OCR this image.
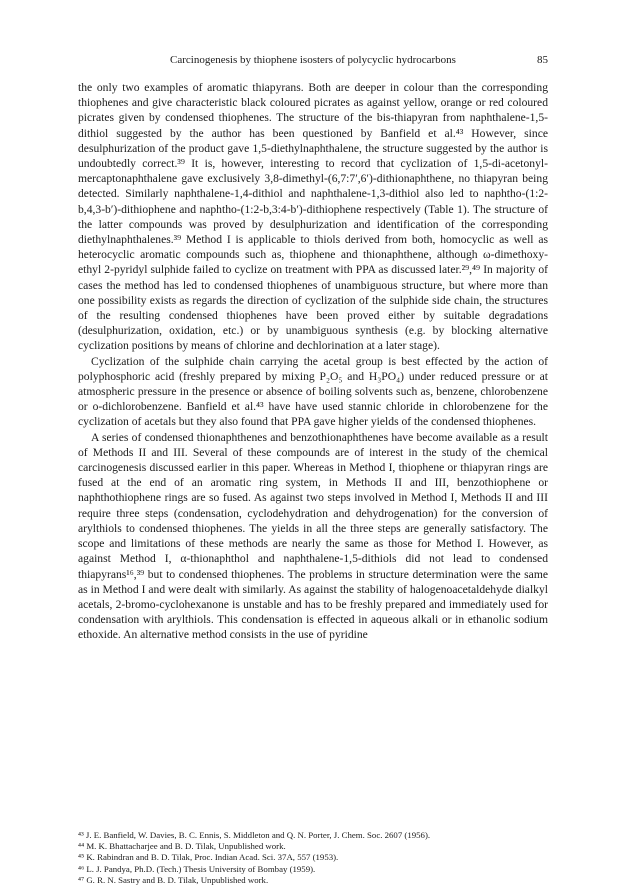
Carcinogenesis by thiophene isosters of polycyclic hydrocarbons	85

the only two examples of aromatic thiapyrans. Both are deeper in colour than the corresponding thiophenes and give characteristic black coloured picrates as against yellow, orange or red coloured picrates given by condensed thiophenes. The structure of the bis-thiapyran from naphthalene-1,5-dithiol suggested by the author has been questioned by Banfield et al.⁴³ However, since desulphurization of the product gave 1,5-diethylnaphthalene, the structure suggested by the author is undoubtedly correct.³⁹ It is, however, interesting to record that cyclization of 1,5-di-acetonyl-mercaptonaphthalene gave exclusively 3,8-dimethyl-(6,7:7′,6′)-dithionaphthene, no thiapyran being detected. Similarly naphthalene-1,4-dithiol and naphthalene-1,3-dithiol also led to naphtho-(1:2-b,4,3-b′)-dithiophene and naphtho-(1:2-b,3:4-b′)-dithiophene respectively (Table 1). The structure of the latter compounds was proved by desulphurization and identification of the corresponding diethylnaphthalenes.³⁹ Method I is applicable to thiols derived from both, homocyclic as well as heterocyclic aromatic compounds such as, thiophene and thionaphthene, although ω-dimethoxy-ethyl 2-pyridyl sulphide failed to cyclize on treatment with PPA as discussed later.²⁹,⁴⁹ In majority of cases the method has led to condensed thiophenes of unambiguous structure, but where more than one possibility exists as regards the direction of cyclization of the sulphide side chain, the structures of the resulting condensed thiophenes have been proved either by suitable degradations (desulphurization, oxidation, etc.) or by unambiguous synthesis (e.g. by blocking alternative cyclization positions by means of chlorine and dechlorination at a later stage).

Cyclization of the sulphide chain carrying the acetal group is best effected by the action of polyphosphoric acid (freshly prepared by mixing P₂O₅ and H₃PO₄) under reduced pressure or at atmospheric pressure in the presence or absence of boiling solvents such as, benzene, chlorobenzene or o-dichlorobenzene. Banfield et al.⁴³ have have used stannic chloride in chlorobenzene for the cyclization of acetals but they also found that PPA gave higher yields of the condensed thiophenes.

A series of condensed thionaphthenes and benzothionaphthenes have become available as a result of Methods II and III. Several of these compounds are of interest in the study of the chemical carcinogenesis discussed earlier in this paper. Whereas in Method I, thiophene or thiapyran rings are fused at the end of an aromatic ring system, in Methods II and III, benzothiophene or naphthothiophene rings are so fused. As against two steps involved in Method I, Methods II and III require three steps (condensation, cyclodehydration and dehydrogenation) for the conversion of arylthiols to condensed thiophenes. The yields in all the three steps are generally satisfactory. The scope and limitations of these methods are nearly the same as those for Method I. However, as against Method I, α-thionaphthol and naphthalene-1,5-dithiols did not lead to condensed thiapyrans¹⁶,³⁹ but to condensed thiophenes. The problems in structure determination were the same as in Method I and were dealt with similarly. As against the stability of halogenoacetaldehyde dialkyl acetals, 2-bromo-cyclohexanone is unstable and has to be freshly prepared and immediately used for condensation with arylthiols. This condensation is effected in aqueous alkali or in ethanolic sodium ethoxide. An alternative method consists in the use of pyridine

⁴³ J. E. Banfield, W. Davies, B. C. Ennis, S. Middleton and Q. N. Porter, J. Chem. Soc. 2607 (1956).
⁴⁴ M. K. Bhattacharjee and B. D. Tilak, Unpublished work.
⁴⁵ K. Rabindran and B. D. Tilak, Proc. Indian Acad. Sci. 37A, 557 (1953).
⁴⁶ L. J. Pandya, Ph.D. (Tech.) Thesis University of Bombay (1959).
⁴⁷ G. R. N. Sastry and B. D. Tilak, Unpublished work.
